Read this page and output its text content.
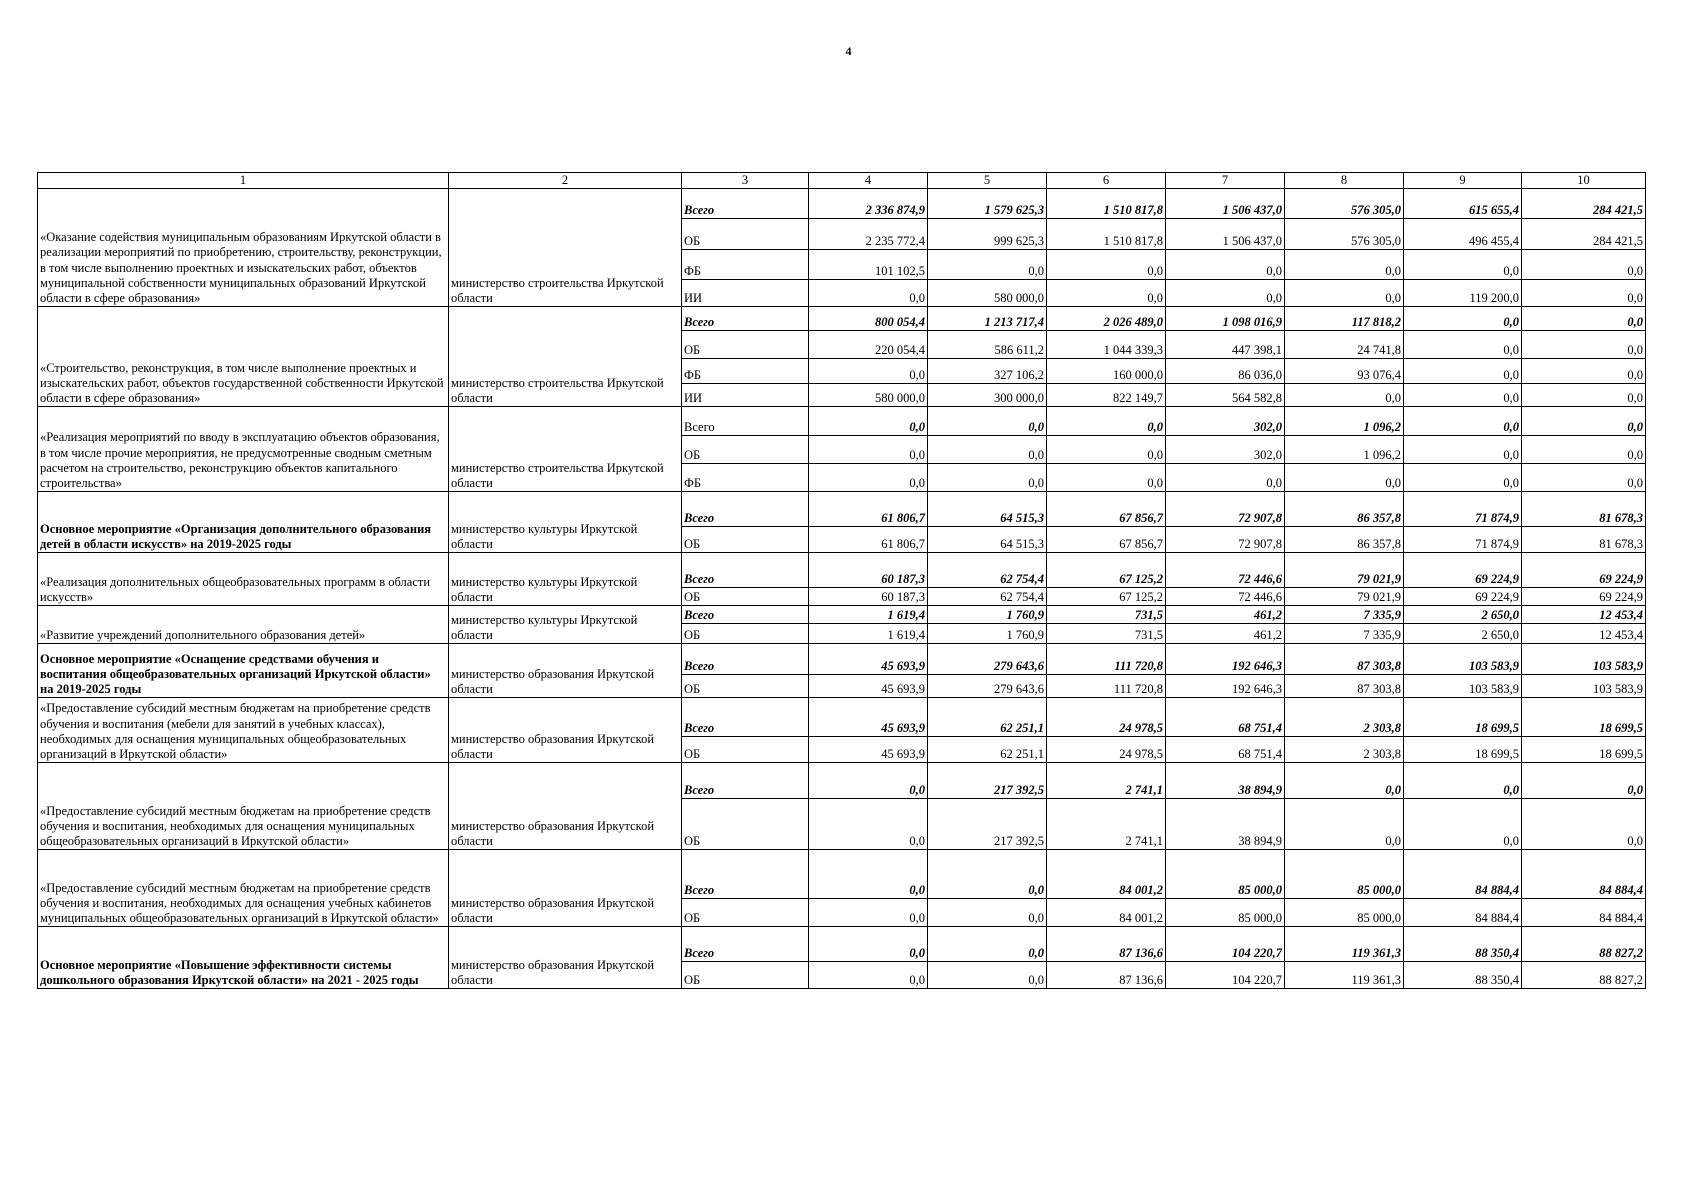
4
1	2	3	4	5	6	7	8	9	10
«Оказание содействия муниципальным образованиям Иркутской области в реализации мероприятий по приобретению, строительству, реконструкции, в том числе выполнению проектных и изыскательских работ, объектов муниципальной собственности муниципальных образований Иркутской области в сфере образования»	министерство строительства Иркутской области	Всего	2 336 874,9	1 579 625,3	1 510 817,8	1 506 437,0	576 305,0	615 655,4	284 421,5
		ОБ	2 235 772,4	999 625,3	1 510 817,8	1 506 437,0	576 305,0	496 455,4	284 421,5
		ФБ	101 102,5	0,0	0,0	0,0	0,0	0,0	0,0
		ИИ	0,0	580 000,0	0,0	0,0	0,0	119 200,0	0,0
«Строительство, реконструкция, в том числе выполнение проектных и изыскательских работ, объектов государственной собственности Иркутской области в сфере образования»	министерство строительства Иркутской области	Всего	800 054,4	1 213 717,4	2 026 489,0	1 098 016,9	117 818,2	0,0	0,0
		ОБ	220 054,4	586 611,2	1 044 339,3	447 398,1	24 741,8	0,0	0,0
		ФБ	0,0	327 106,2	160 000,0	86 036,0	93 076,4	0,0	0,0
		ИИ	580 000,0	300 000,0	822 149,7	564 582,8	0,0	0,0	0,0
«Реализация мероприятий по вводу в эксплуатацию объектов образования, в том числе прочие мероприятия, не предусмотренные сводным сметным расчетом на строительство, реконструкцию объектов капитального строительства»	министерство строительства Иркутской области	Всего	0,0	0,0	0,0	302,0	1 096,2	0,0	0,0
		ОБ	0,0	0,0	0,0	302,0	1 096,2	0,0	0,0
		ФБ	0,0	0,0	0,0	0,0	0,0	0,0	0,0
Основное мероприятие «Организация дополнительного образования детей в области искусств» на 2019-2025 годы	министерство культуры Иркутской области	Всего	61 806,7	64 515,3	67 856,7	72 907,8	86 357,8	71 874,9	81 678,3
		ОБ	61 806,7	64 515,3	67 856,7	72 907,8	86 357,8	71 874,9	81 678,3
«Реализация дополнительных общеобразовательных программ в области искусств»	министерство культуры Иркутской области	Всего	60 187,3	62 754,4	67 125,2	72 446,6	79 021,9	69 224,9	69 224,9
		ОБ	60 187,3	62 754,4	67 125,2	72 446,6	79 021,9	69 224,9	69 224,9
«Развитие учреждений дополнительного образования детей»	министерство культуры Иркутской области	Всего	1 619,4	1 760,9	731,5	461,2	7 335,9	2 650,0	12 453,4
		ОБ	1 619,4	1 760,9	731,5	461,2	7 335,9	2 650,0	12 453,4
Основное мероприятие «Оснащение средствами обучения и воспитания общеобразовательных организаций Иркутской области» на 2019-2025 годы	министерство образования Иркутской области	Всего	45 693,9	279 643,6	111 720,8	192 646,3	87 303,8	103 583,9	103 583,9
		ОБ	45 693,9	279 643,6	111 720,8	192 646,3	87 303,8	103 583,9	103 583,9
«Предоставление субсидий местным бюджетам на приобретение средств обучения и воспитания (мебели для занятий в учебных классах), необходимых для оснащения муниципальных общеобразовательных организаций в Иркутской области»	министерство образования Иркутской области	Всего	45 693,9	62 251,1	24 978,5	68 751,4	2 303,8	18 699,5	18 699,5
		ОБ	45 693,9	62 251,1	24 978,5	68 751,4	2 303,8	18 699,5	18 699,5
«Предоставление субсидий местным бюджетам на приобретение средств обучения и воспитания, необходимых для оснащения муниципальных общеобразовательных организаций в Иркутской области»	министерство образования Иркутской области	Всего	0,0	217 392,5	2 741,1	38 894,9	0,0	0,0	0,0
		ОБ	0,0	217 392,5	2 741,1	38 894,9	0,0	0,0	0,0
«Предоставление субсидий местным бюджетам на приобретение средств обучения и воспитания, необходимых для оснащения учебных кабинетов муниципальных общеобразовательных организаций в Иркутской области»	министерство образования Иркутской области	Всего	0,0	0,0	84 001,2	85 000,0	85 000,0	84 884,4	84 884,4
		ОБ	0,0	0,0	84 001,2	85 000,0	85 000,0	84 884,4	84 884,4
Основное мероприятие «Повышение эффективности системы дошкольного образования Иркутской области» на 2021 - 2025 годы	министерство образования Иркутской области	Всего	0,0	0,0	87 136,6	104 220,7	119 361,3	88 350,4	88 827,2
		ОБ	0,0	0,0	87 136,6	104 220,7	119 361,3	88 350,4	88 827,2
